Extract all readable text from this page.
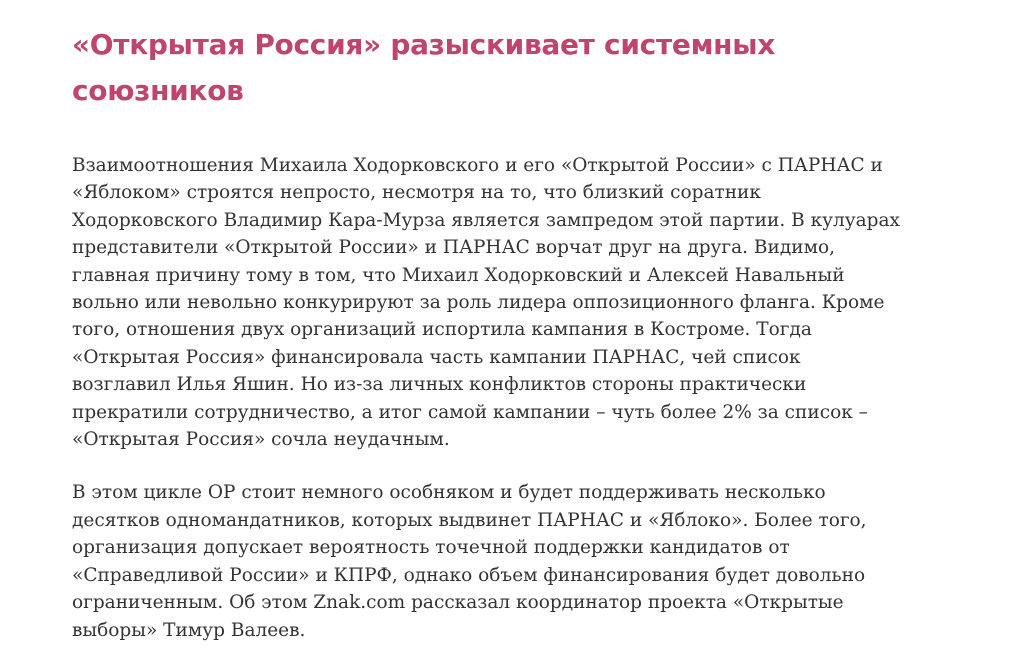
«Открытая Россия» разыскивает системных союзников

Взаимоотношения Михаила Ходорковского и его «Открытой России» с ПАРНАС и «Яблоком» строятся непросто, несмотря на то, что близкий соратник Ходорковского Владимир Кара-Мурза является зампредом этой партии. В кулуарах представители «Открытой России» и ПАРНАС ворчат друг на друга. Видимо, главная причину тому в том, что Михаил Ходорковский и Алексей Навальный вольно или невольно конкурируют за роль лидера оппозиционного фланга. Кроме того, отношения двух организаций испортила кампания в Костроме. Тогда «Открытая Россия» финансировала часть кампании ПАРНАС, чей список возглавил Илья Яшин. Но из-за личных конфликтов стороны практически прекратили сотрудничество, а итог самой кампании – чуть более 2% за список – «Открытая Россия» сочла неудачным.

В этом цикле ОР стоит немного особняком и будет поддерживать несколько десятков одномандатников, которых выдвинет ПАРНАС и «Яблоко». Более того, организация допускает вероятность точечной поддержки кандидатов от «Справедливой России» и КПРФ, однако объем финансирования будет довольно ограниченным. Об этом Znak.com рассказал координатор проекта «Открытые выборы» Тимур Валеев.
